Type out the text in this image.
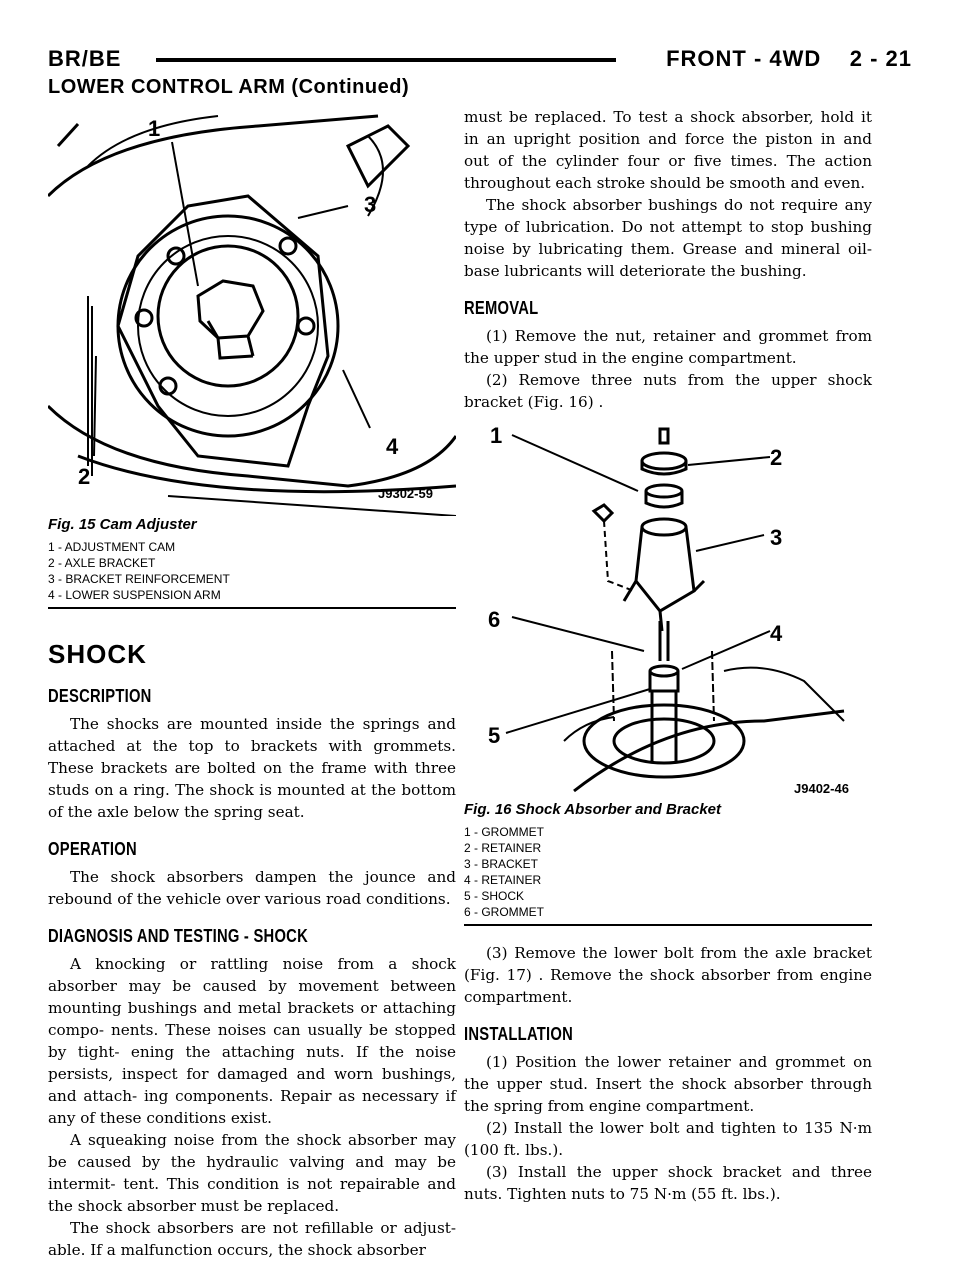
BR/BE	FRONT - 4WD    2 - 21
LOWER CONTROL ARM (Continued)
1
3
4
2
J9302-59
Fig. 15 Cam Adjuster
1 - ADJUSTMENT CAM
2 - AXLE BRACKET
3 - BRACKET REINFORCEMENT
4 - LOWER SUSPENSION ARM
SHOCK
DESCRIPTION

The shocks are mounted inside the springs and attached at the top to brackets with grommets. These brackets are bolted on the frame with three studs on a ring. The shock is mounted at the bottom of the axle below the spring seat.

OPERATION

The shock absorbers dampen the jounce and rebound of the vehicle over various road conditions.

DIAGNOSIS AND TESTING - SHOCK

A knocking or rattling noise from a shock absorber may be caused by movement between mounting bushings and metal brackets or attaching compo- nents. These noises can usually be stopped by tight- ening the attaching nuts. If the noise persists, inspect for damaged and worn bushings, and attach- ing components. Repair as necessary if any of these conditions exist.

A squeaking noise from the shock absorber may be caused by the hydraulic valving and may be intermit- tent. This condition is not repairable and the shock absorber must be replaced.

The shock absorbers are not refillable or adjust- able. If a malfunction occurs, the shock absorber

must be replaced. To test a shock absorber, hold it in an upright position and force the piston in and out of the cylinder four or five times. The action throughout each stroke should be smooth and even.

The shock absorber bushings do not require any type of lubrication. Do not attempt to stop bushing noise by lubricating them. Grease and mineral oil- base lubricants will deteriorate the bushing.

REMOVAL

(1) Remove the nut, retainer and grommet from the upper stud in the engine compartment.

(2) Remove three nuts from the upper shock bracket (Fig. 16) .

1
2
3
4
5
6
J9402-46
Fig. 16 Shock Absorber and Bracket
1 - GROMMET
2 - RETAINER
3 - BRACKET
4 - RETAINER
5 - SHOCK
6 - GROMMET

(3) Remove the lower bolt from the axle bracket (Fig. 17) . Remove the shock absorber from engine compartment.

INSTALLATION

(1) Position the lower retainer and grommet on the upper stud. Insert the shock absorber through the spring from engine compartment.

(2) Install the lower bolt and tighten to 135 N·m (100 ft. lbs.).

(3) Install the upper shock bracket and three nuts. Tighten nuts to 75 N·m (55 ft. lbs.).
